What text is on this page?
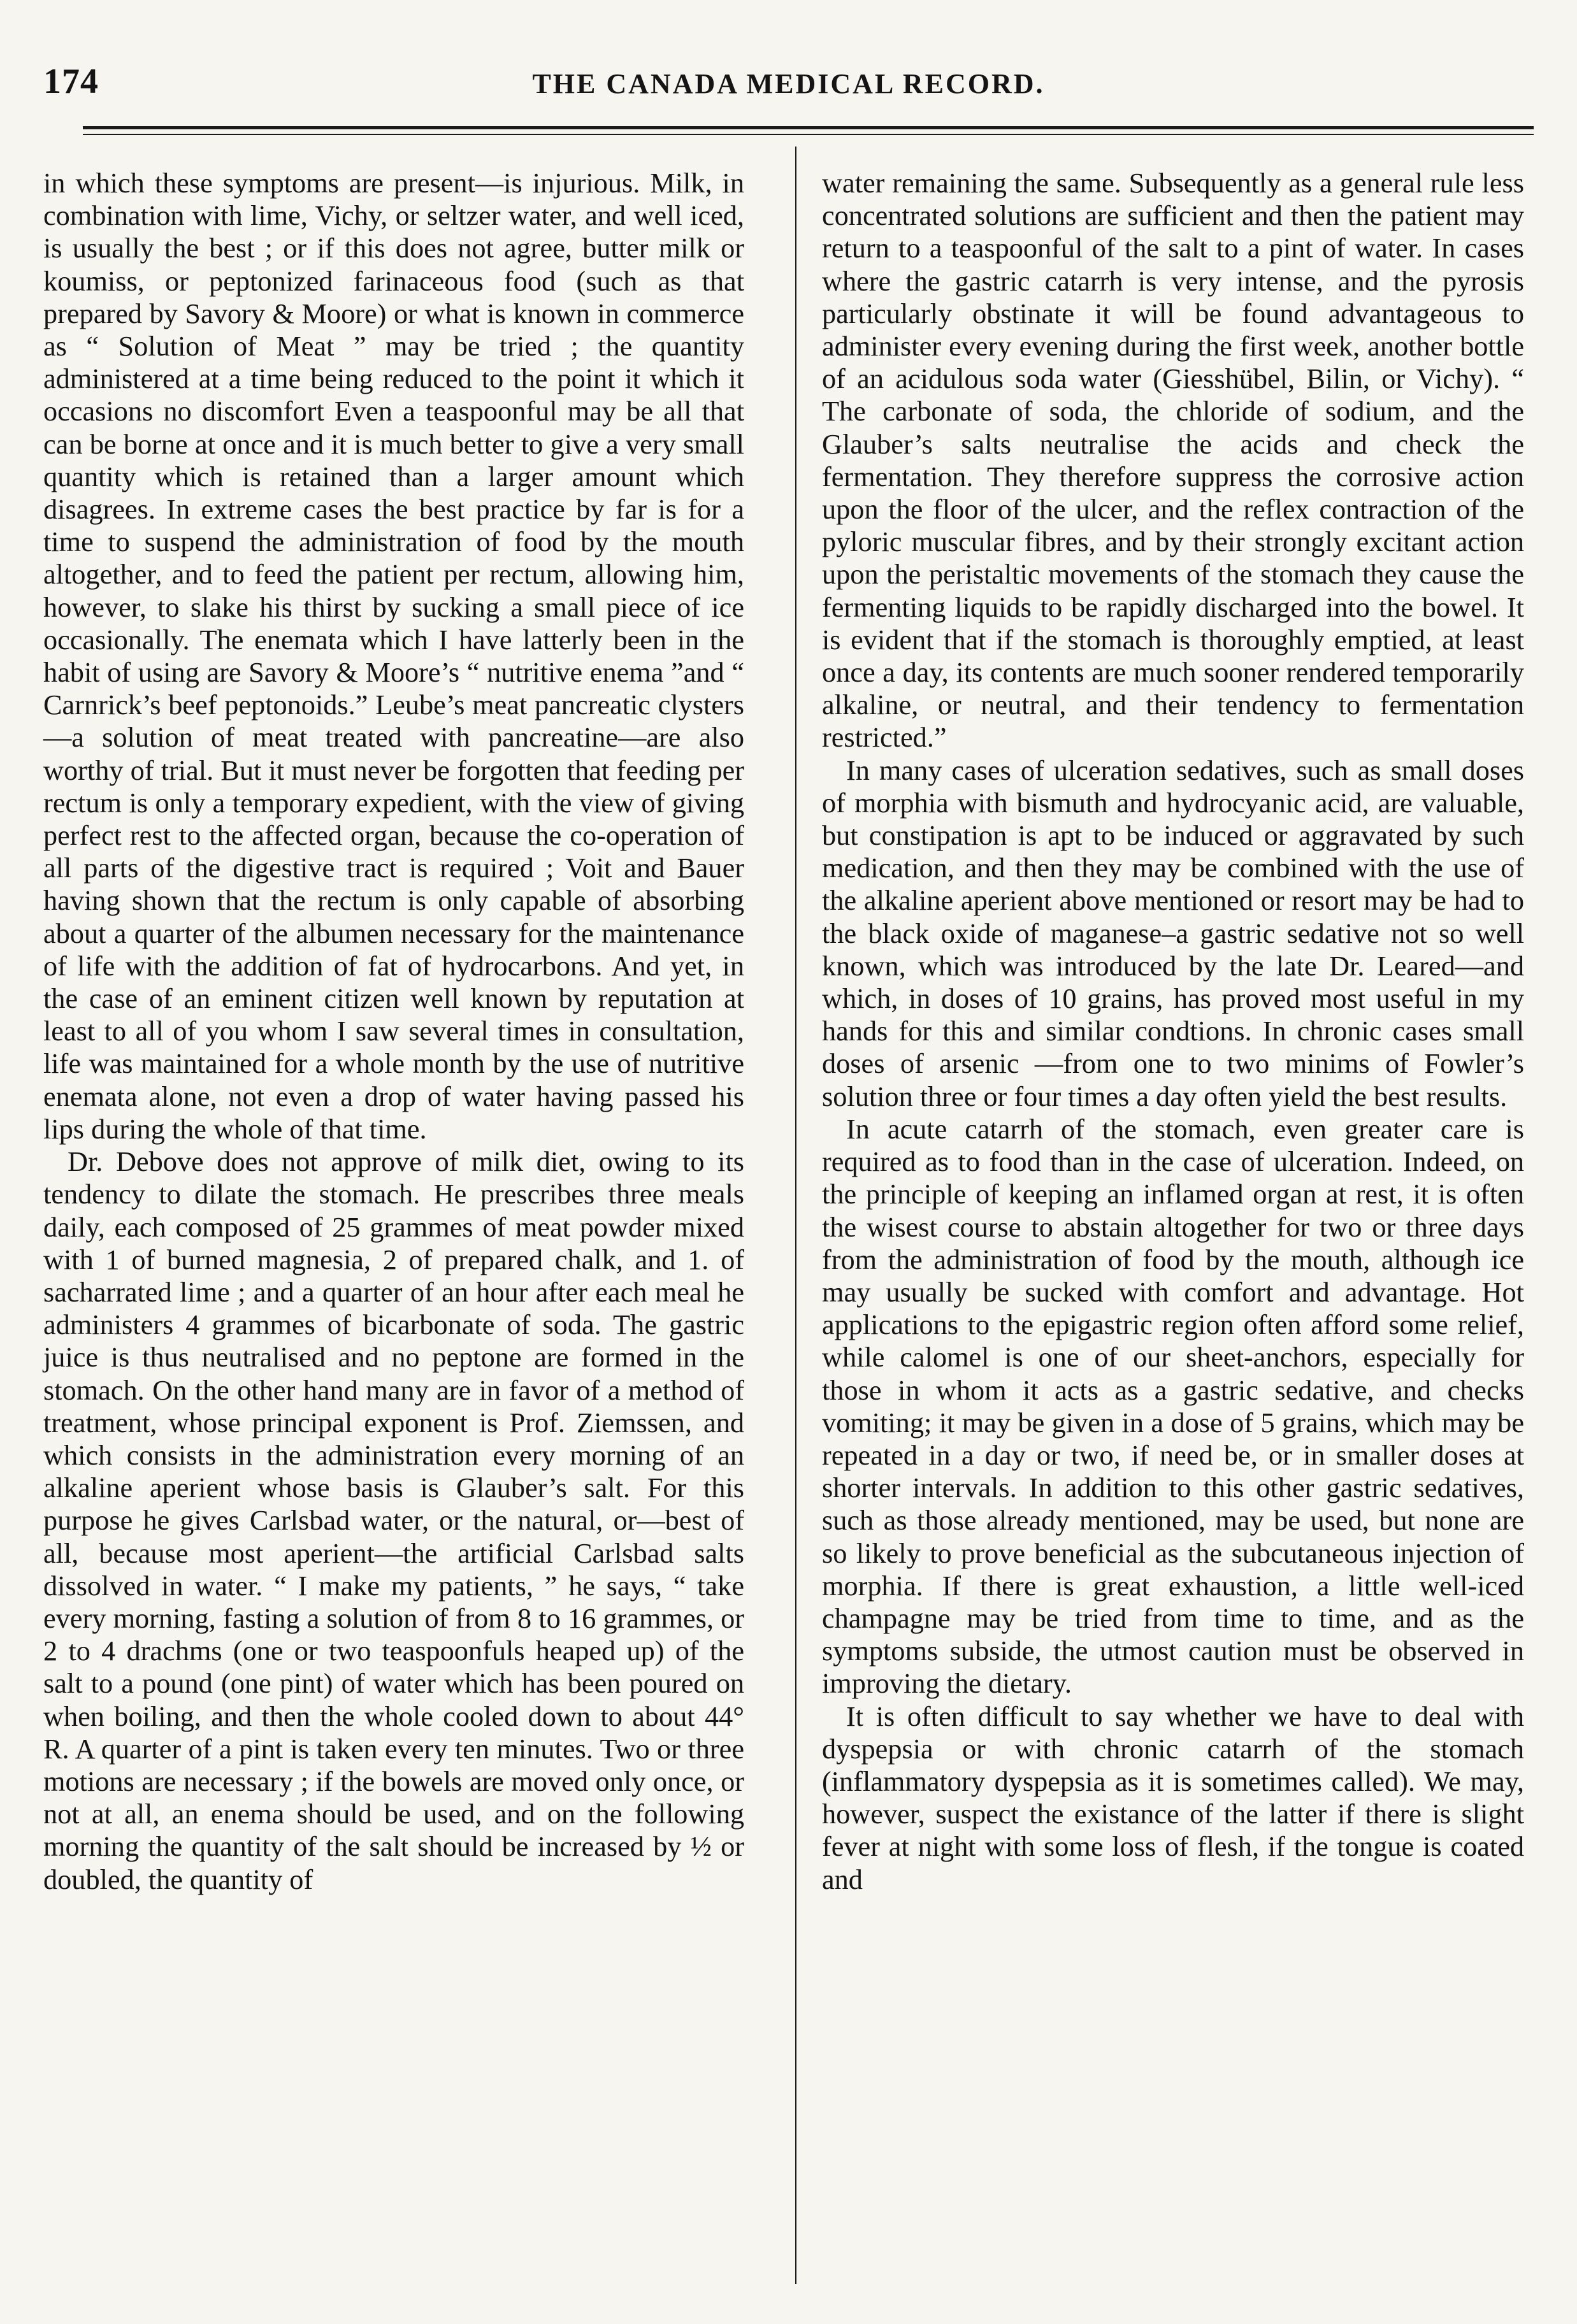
174	THE CANADA MEDICAL RECORD.

in which these symptoms are present—is injurious. Milk, in combination with lime, Vichy, or seltzer water, and well iced, is usually the best ; or if this does not agree, butter milk or koumiss, or peptonized farinaceous food (such as that prepared by Savory & Moore) or what is known in commerce as “ Solution of Meat ” may be tried ; the quantity administered at a time being reduced to the point it which it occasions no discomfort Even a teaspoonful may be all that can be borne at once and it is much better to give a very small quantity which is retained than a larger amount which disagrees. In extreme cases the best practice by far is for a time to suspend the administration of food by the mouth altogether, and to feed the patient per rectum, allowing him, however, to slake his thirst by sucking a small piece of ice occasionally. The enemata which I have latterly been in the habit of using are Savory & Moore’s “ nutritive enema ”and “ Carnrick’s beef peptonoids.” Leube’s meat pancreatic clysters—a solution of meat treated with pancreatine—are also worthy of trial. But it must never be forgotten that feeding per rectum is only a temporary expedient, with the view of giving perfect rest to the affected organ, because the co-operation of all parts of the digestive tract is required ; Voit and Bauer having shown that the rectum is only capable of absorbing about a quarter of the albumen necessary for the maintenance of life with the addition of fat of hydrocarbons. And yet, in the case of an eminent citizen well known by reputation at least to all of you whom I saw several times in consultation, life was maintained for a whole month by the use of nutritive enemata alone, not even a drop of water having passed his lips during the whole of that time.

Dr. Debove does not approve of milk diet, owing to its tendency to dilate the stomach. He prescribes three meals daily, each composed of 25 grammes of meat powder mixed with 1 of burned magnesia, 2 of prepared chalk, and 1. of sacharrated lime ; and a quarter of an hour after each meal he administers 4 grammes of bicarbonate of soda. The gastric juice is thus neutralised and no peptone are formed in the stomach. On the other hand many are in favor of a method of treatment, whose principal exponent is Prof. Ziemssen, and which consists in the administration every morning of an alkaline aperient whose basis is Glauber’s salt. For this purpose he gives Carlsbad water, or the natural, or—best of all, because most aperient—the artificial Carlsbad salts dissolved in water. “ I make my patients, ” he says, “ take every morning, fasting a solution of from 8 to 16 grammes, or 2 to 4 drachms (one or two teaspoonfuls heaped up) of the salt to a pound (one pint) of water which has been poured on when boiling, and then the whole cooled down to about 44° R. A quarter of a pint is taken every ten minutes. Two or three motions are necessary ; if the bowels are moved only once, or not at all, an enema should be used, and on the following morning the quantity of the salt should be increased by ½ or doubled, the quantity of

water remaining the same. Subsequently as a general rule less concentrated solutions are sufficient and then the patient may return to a teaspoonful of the salt to a pint of water. In cases where the gastric catarrh is very intense, and the pyrosis particularly obstinate it will be found advantageous to administer every evening during the first week, another bottle of an acidulous soda water (Giesshübel, Bilin, or Vichy). “ The carbonate of soda, the chloride of sodium, and the Glauber’s salts neutralise the acids and check the fermentation. They therefore suppress the corrosive action upon the floor of the ulcer, and the reflex contraction of the pyloric muscular fibres, and by their strongly excitant action upon the peristaltic movements of the stomach they cause the fermenting liquids to be rapidly discharged into the bowel. It is evident that if the stomach is thoroughly emptied, at least once a day, its contents are much sooner rendered temporarily alkaline, or neutral, and their tendency to fermentation restricted.”

In many cases of ulceration sedatives, such as small doses of morphia with bismuth and hydrocyanic acid, are valuable, but constipation is apt to be induced or aggravated by such medication, and then they may be combined with the use of the alkaline aperient above mentioned or resort may be had to the black oxide of maganese–a gastric sedative not so well known, which was introduced by the late Dr. Leared—and which, in doses of 10 grains, has proved most useful in my hands for this and similar condtions. In chronic cases small doses of arsenic —from one to two minims of Fowler’s solution three or four times a day often yield the best results.

In acute catarrh of the stomach, even greater care is required as to food than in the case of ulceration. Indeed, on the principle of keeping an inflamed organ at rest, it is often the wisest course to abstain altogether for two or three days from the administration of food by the mouth, although ice may usually be sucked with comfort and advantage. Hot applications to the epigastric region often afford some relief, while calomel is one of our sheet-anchors, especially for those in whom it acts as a gastric sedative, and checks vomiting; it may be given in a dose of 5 grains, which may be repeated in a day or two, if need be, or in smaller doses at shorter intervals. In addition to this other gastric sedatives, such as those already mentioned, may be used, but none are so likely to prove beneficial as the subcutaneous injection of morphia. If there is great exhaustion, a little well-iced champagne may be tried from time to time, and as the symptoms subside, the utmost caution must be observed in improving the dietary.

It is often difficult to say whether we have to deal with dyspepsia or with chronic catarrh of the stomach (inflammatory dyspepsia as it is sometimes called). We may, however, suspect the existance of the latter if there is slight fever at night with some loss of flesh, if the tongue is coated and
